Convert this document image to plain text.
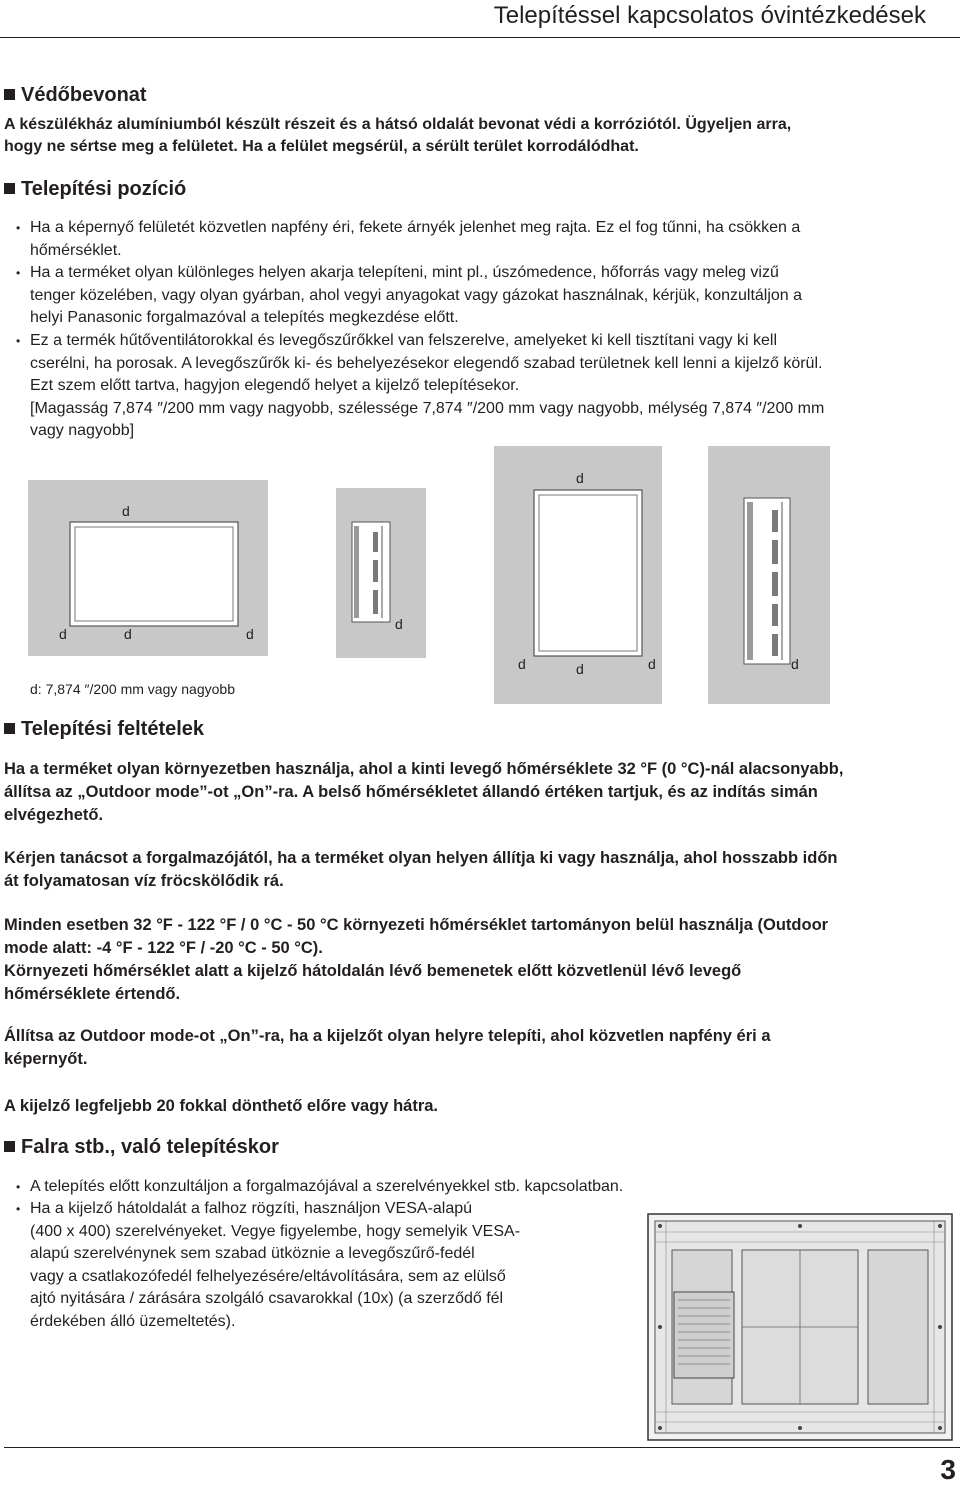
Telepítéssel kapcsolatos óvintézkedések
Védőbevonat
A készülékház alumíniumból készült részeit és a hátsó oldalát bevonat védi a korróziótól. Ügyeljen arra,
hogy ne sértse meg a felületet. Ha a felület megsérül, a sérült terület korrodálódhat.
Telepítési pozíció
• Ha a képernyő felületét közvetlen napfény éri, fekete árnyék jelenhet meg rajta. Ez el fog tűnni, ha csökken a
hőmérséklet.
• Ha a terméket olyan különleges helyen akarja telepíteni, mint pl., úszómedence, hőforrás vagy meleg vizű
tenger közelében, vagy olyan gyárban, ahol vegyi anyagokat vagy gázokat használnak, kérjük, konzultáljon a
helyi Panasonic forgalmazóval a telepítés megkezdése előtt.
• Ez a termék hűtőventilátorokkal és levegőszűrőkkel van felszerelve, amelyeket ki kell tisztítani vagy ki kell
cserélni, ha porosak. A levegőszűrők ki- és behelyezésekor elegendő szabad területnek kell lenni a kijelző körül.
Ezt szem előtt tartva, hagyjon elegendő helyet a kijelző telepítésekor.
[Magasság 7,874 ″/200 mm vagy nagyobb, szélessége 7,874 ″/200 mm vagy nagyobb, mélység 7,874 ″/200 mm
vagy nagyobb]
d
d	d	d
d
d
d	d	d	d
d: 7,874 ″/200 mm vagy nagyobb
Telepítési feltételek
Ha a terméket olyan környezetben használja, ahol a kinti levegő hőmérséklete 32 °F (0 °C)-nál alacsonyabb,
állítsa az „Outdoor mode”-ot „On”-ra. A belső hőmérsékletet állandó értéken tartjuk, és az indítás simán
elvégezhető.
Kérjen tanácsot a forgalmazójától, ha a terméket olyan helyen állítja ki vagy használja, ahol hosszabb időn
át folyamatosan víz fröcsköl​ődik rá.
Minden esetben 32 °F - 122 °F / 0 °C - 50 °C környezeti hőmérséklet tartományon belül használja (Outdoor
mode alatt: -4 °F - 122 °F / -20 °C - 50 °C).
Környezeti hőmérséklet alatt a kijelző hátoldalán lévő bemenetek előtt közvetlenül lévő levegő
hőmérséklete értendő.
Állítsa az Outdoor mode-ot „On”-ra, ha a kijelzőt olyan helyre telepíti, ahol közvetlen napfény éri a
képernyőt.
A kijelző legfeljebb 20 fokkal dönthető előre vagy hátra.
Falra stb., való telepítéskor
• A telepítés előtt konzultáljon a forgalmazójával a szerelvényekkel stb. kapcsolatban.
• Ha a kijelző hátoldalát a falhoz rögzíti, használjon VESA-alapú
(400 x 400) szerelvényeket. Vegye figyelembe, hogy semelyik VESA-
alapú szerelvénynek sem szabad ütköznie a levegőszűrő-fedél
vagy a csatlakozófedél felhelyezésére/eltávolítására, sem az elülső
ajtó nyitására / zárására szolgáló csavarokkal (10x) (a szerződő fél
érdekében álló üzemeltetés).
3
